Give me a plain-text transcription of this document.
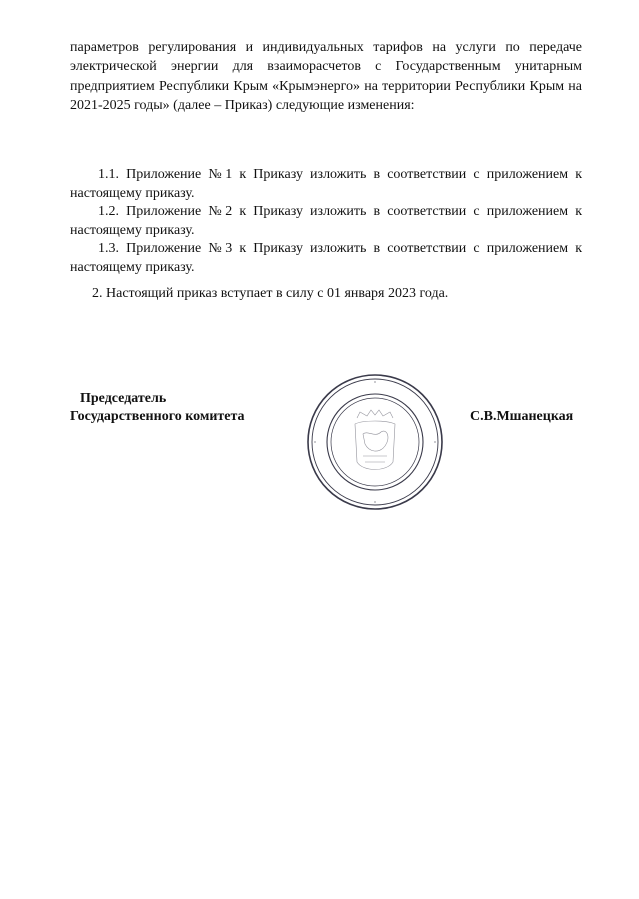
параметров регулирования и индивидуальных тарифов на услуги по передаче электрической энергии для взаиморасчетов с Государственным унитарным предприятием Республики Крым «Крымэнерго» на территории Республики Крым на 2021-2025 годы» (далее – Приказ) следующие изменения:

1.1. Приложение №1 к Приказу изложить в соответствии с приложением к настоящему приказу.

1.2. Приложение №2 к Приказу изложить в соответствии с приложением к настоящему приказу.

1.3. Приложение №3 к Приказу изложить в соответствии с приложением к настоящему приказу.

2. Настоящий приказ вступает в силу с 01 января 2023 года.

Председатель
Государственного комитета	С.В.Мшанецкая
